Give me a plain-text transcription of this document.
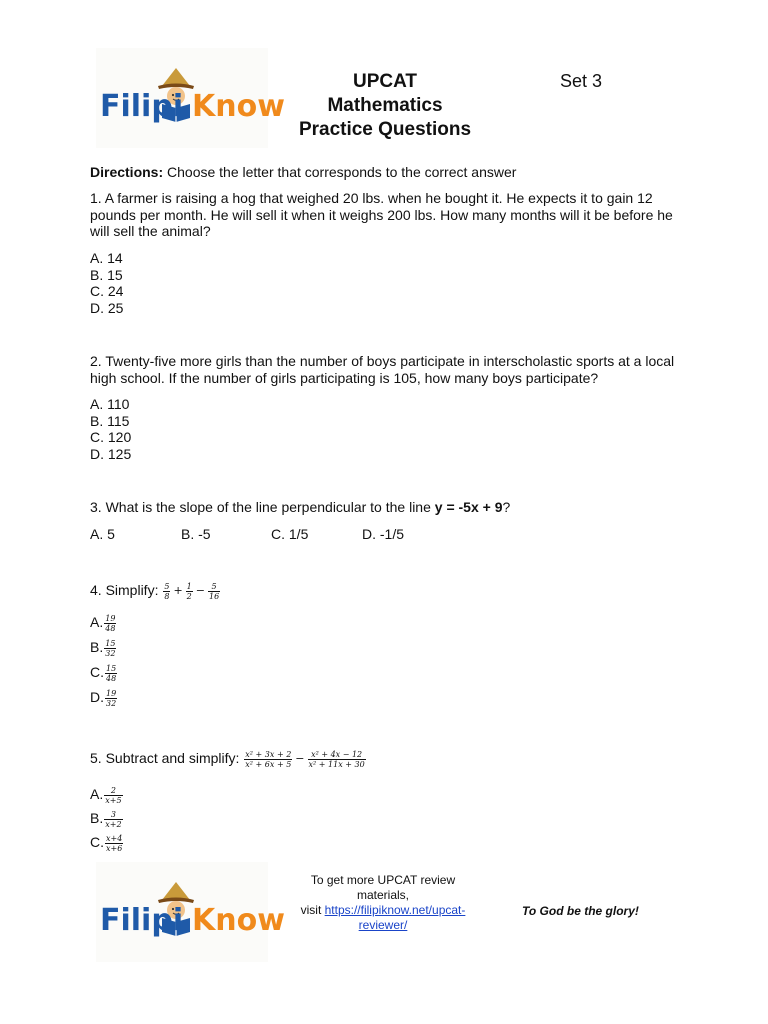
Filipi Know
UPCAT
Mathematics
Practice Questions
Set 3
Directions: Choose the letter that corresponds to the correct answer
1. A farmer is raising a hog that weighed 20 lbs. when he bought it. He expects it to gain 12 pounds per month. He will sell it when it weighs 200 lbs. How many months will it be before he will sell the animal?
A. 14
B. 15
C. 24
D. 25
2. Twenty-five more girls than the number of boys participate in interscholastic sports at a local high school. If the number of girls participating is 105, how many boys participate?
A. 110
B. 115
C. 120
D. 125
3. What is the slope of the line perpendicular to the line y = -5x + 9?
A. 5	B. -5	C. 1/5	D. -1/5
4. Simplify: $\frac{5}{8} + \frac{1}{2} - \frac{5}{16}$
A. $\frac{19}{48}$
B. $\frac{15}{32}$
C. $\frac{15}{48}$
D. $\frac{19}{32}$
5. Subtract and simplify: $\frac{\text{x² + 3x + 2}}{\text{x² + 6x + 5}} - \frac{\text{x² + 4x − 12}}{\text{x² + 11x + 30}}$
A. $\frac{2}{x+5}$
B. $\frac{3}{x+2}$
C. $\frac{x+4}{x+6}$
Filipi Know
To get more UPCAT review
materials,
visit https://filipiknow.net/upcat-
reviewer/
To God be the glory!
